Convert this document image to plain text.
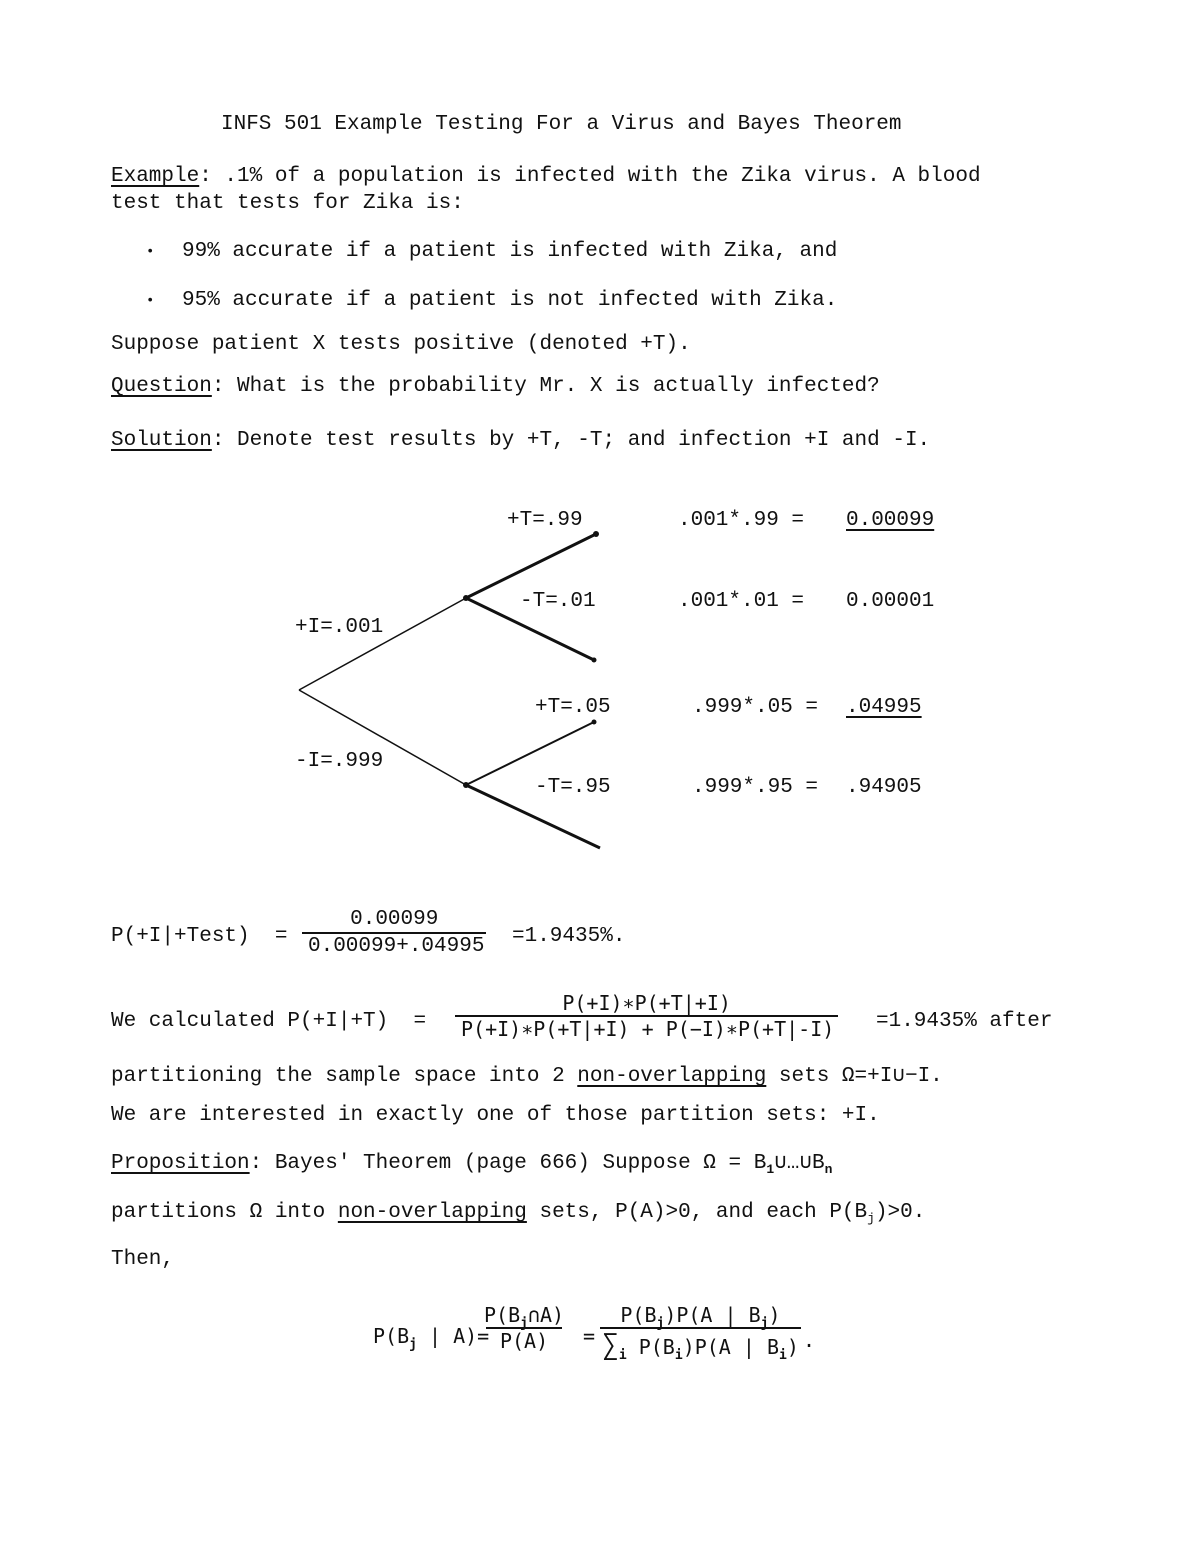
INFS 501 Example Testing For a Virus and Bayes Theorem
Example: .1% of a population is infected with the Zika virus. A blood
test that tests for Zika is:
• 99% accurate if a patient is infected with Zika, and
• 95% accurate if a patient is not infected with Zika.
Suppose patient X tests positive (denoted +T).
Question: What is the probability Mr. X is actually infected?
Solution: Denote test results by +T, -T; and infection +I and -I.
+I=.001
-I=.999
+T=.99
-T=.01
+T=.05
-T=.95
.001*.99 = 0.00099
.001*.01 = 0.00001
.999*.05 = .04995
.999*.95 = .94905
P(+I|+Test)  = $\frac{0.00099}{0.00099+.04995} =1.9435\%$.
We calculated $P(+I|+T) = \frac{P(+I)∗P(+T|+I)}{P(+I)∗P(+T|+I) + P(-I)∗P(+T|-I)} =1.9435\%$ after
partitioning the sample space into 2 non-overlapping sets Ω=+I∪−I.
We are interested in exactly one of those partition sets: +I.
Proposition: Bayes' Theorem (page 666) Suppose $\Omega = B_1\cup\dots\cup B_n$
partitions Ω into non-overlapping sets, P(A)>0, and each $P(B_j)>0$.
Then,
$P(B_j$ | A)=
$\frac{P(B_j\cap A)}{P(A)} = \frac{P(B_j)P(A | B_j)}{\sum_i P(B_i)P(A | B_i)}$ .
